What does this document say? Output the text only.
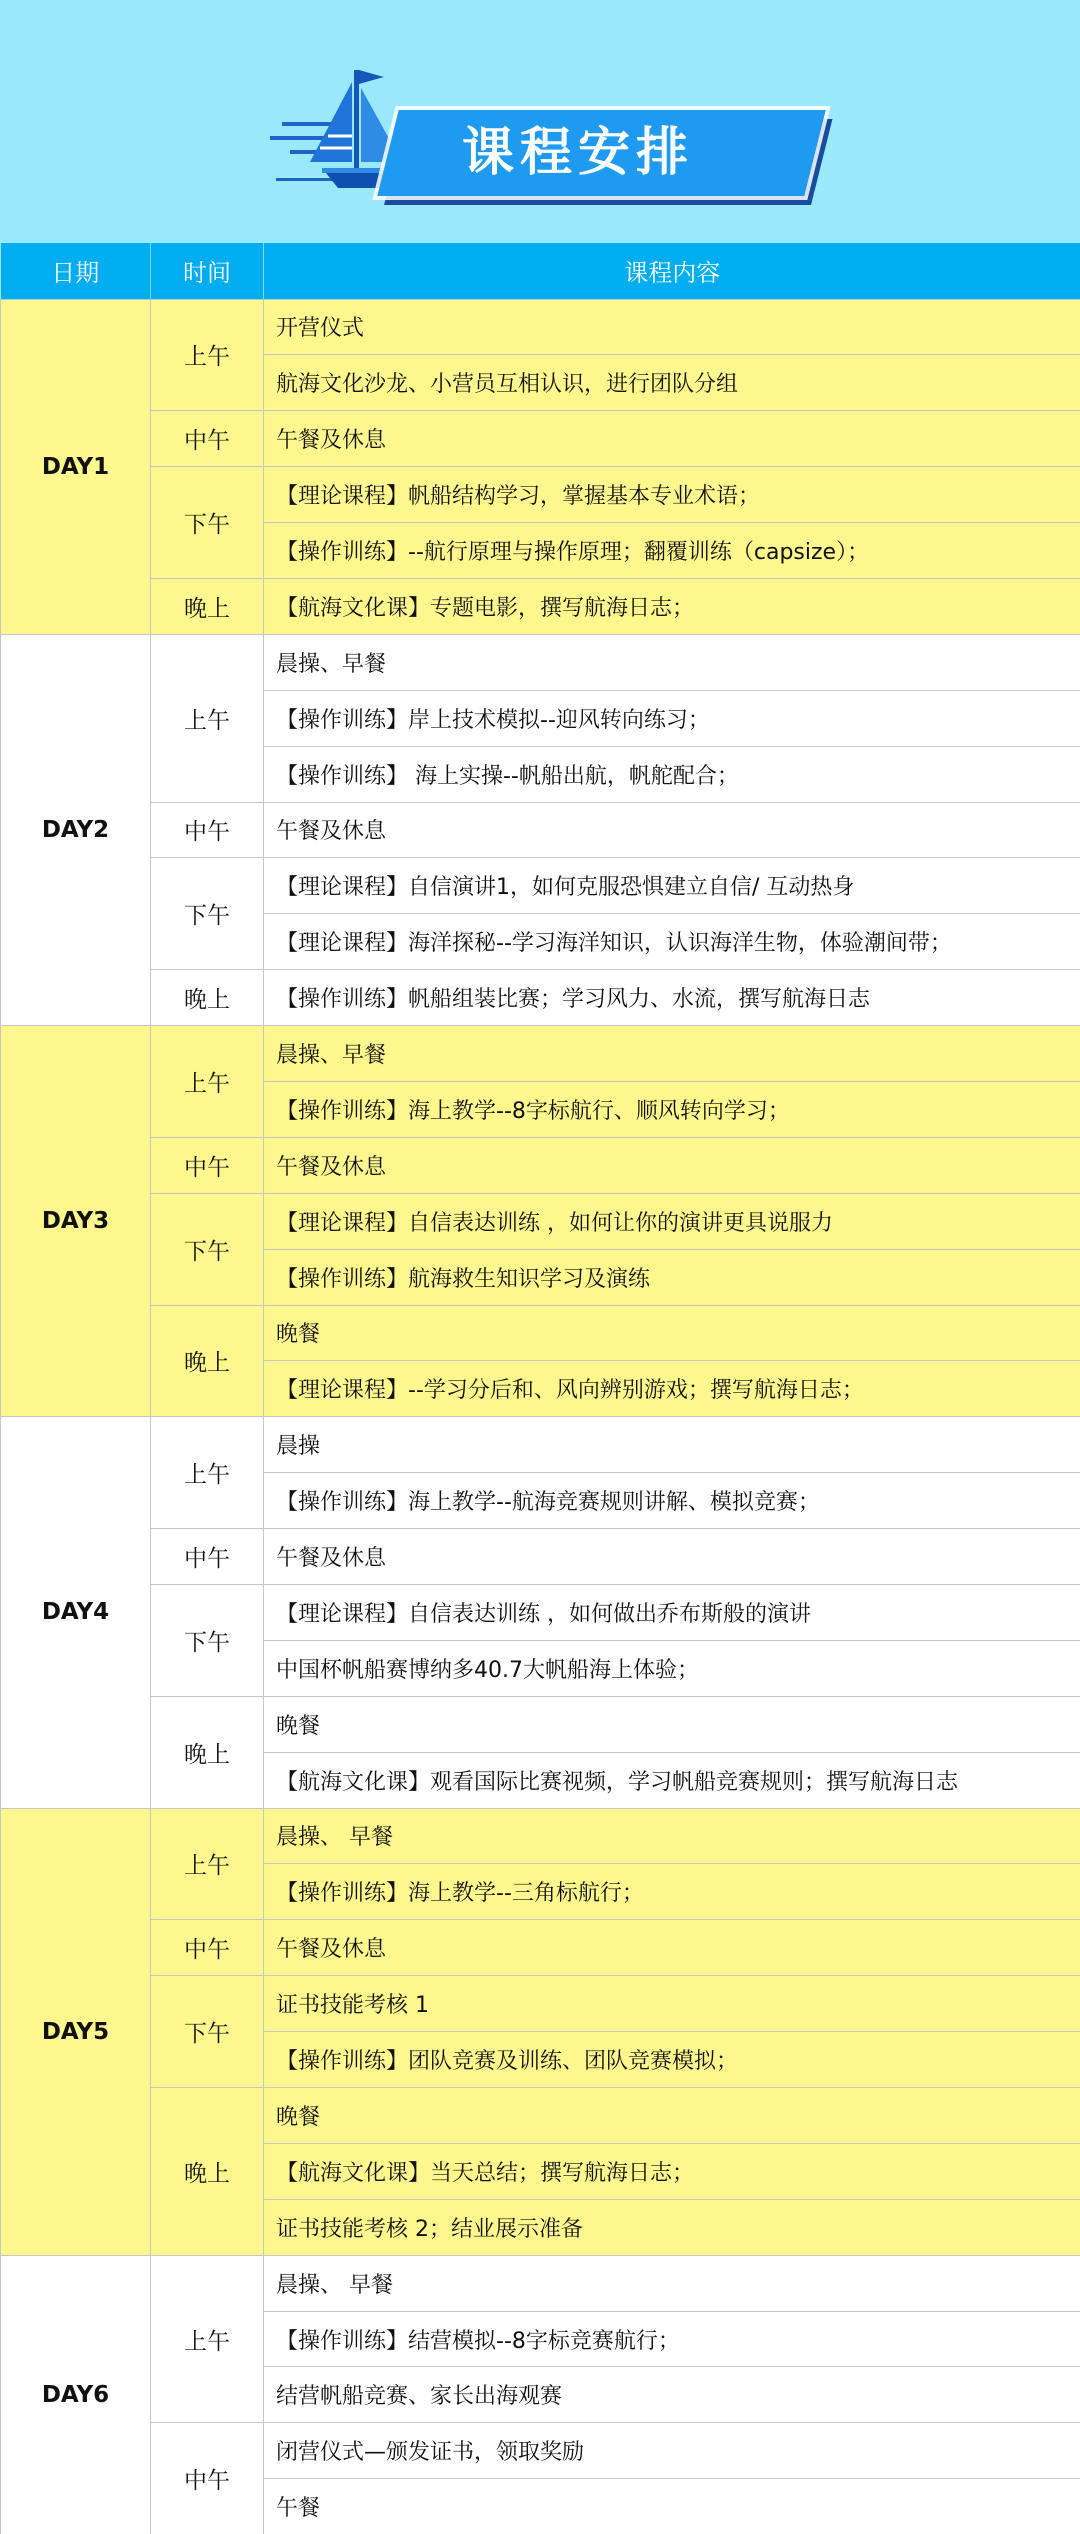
课程安排
日期	时间	课程内容
DAY1	上午	开营仪式
		航海文化沙龙、小营员互相认识，进行团队分组
	中午	午餐及休息
	下午	【理论课程】帆船结构学习，掌握基本专业术语；
		【操作训练】--航行原理与操作原理；翻覆训练（capsize）；
	晚上	【航海文化课】专题电影，撰写航海日志；
DAY2	上午	晨操、早餐
		【操作训练】岸上技术模拟--迎风转向练习；
		【操作训练】 海上实操--帆船出航，帆舵配合；
	中午	午餐及休息
	下午	【理论课程】自信演讲1，如何克服恐惧建立自信/ 互动热身
		【理论课程】海洋探秘--学习海洋知识，认识海洋生物，体验潮间带；
	晚上	【操作训练】帆船组装比赛；学习风力、水流，撰写航海日志
DAY3	上午	晨操、早餐
		【操作训练】海上教学--8字标航行、顺风转向学习；
	中午	午餐及休息
	下午	【理论课程】自信表达训练 ，如何让你的演讲更具说服力
		【操作训练】航海救生知识学习及演练
	晚上	晚餐
		【理论课程】--学习分后和、风向辨别游戏；撰写航海日志；
DAY4	上午	晨操
		【操作训练】海上教学--航海竞赛规则讲解、模拟竞赛；
	中午	午餐及休息
	下午	【理论课程】自信表达训练 ，如何做出乔布斯般的演讲
		中国杯帆船赛博纳多40.7大帆船海上体验；
	晚上	晚餐
		【航海文化课】观看国际比赛视频，学习帆船竞赛规则；撰写航海日志
DAY5	上午	晨操、 早餐
		【操作训练】海上教学--三角标航行；
	中午	午餐及休息
	下午	证书技能考核 1
		【操作训练】团队竞赛及训练、团队竞赛模拟；
	晚上	晚餐
		【航海文化课】当天总结；撰写航海日志；
		证书技能考核 2；结业展示准备
DAY6	上午	晨操、 早餐
		【操作训练】结营模拟--8字标竞赛航行；
		结营帆船竞赛、家长出海观赛
	中午	闭营仪式—颁发证书，领取奖励
		午餐
